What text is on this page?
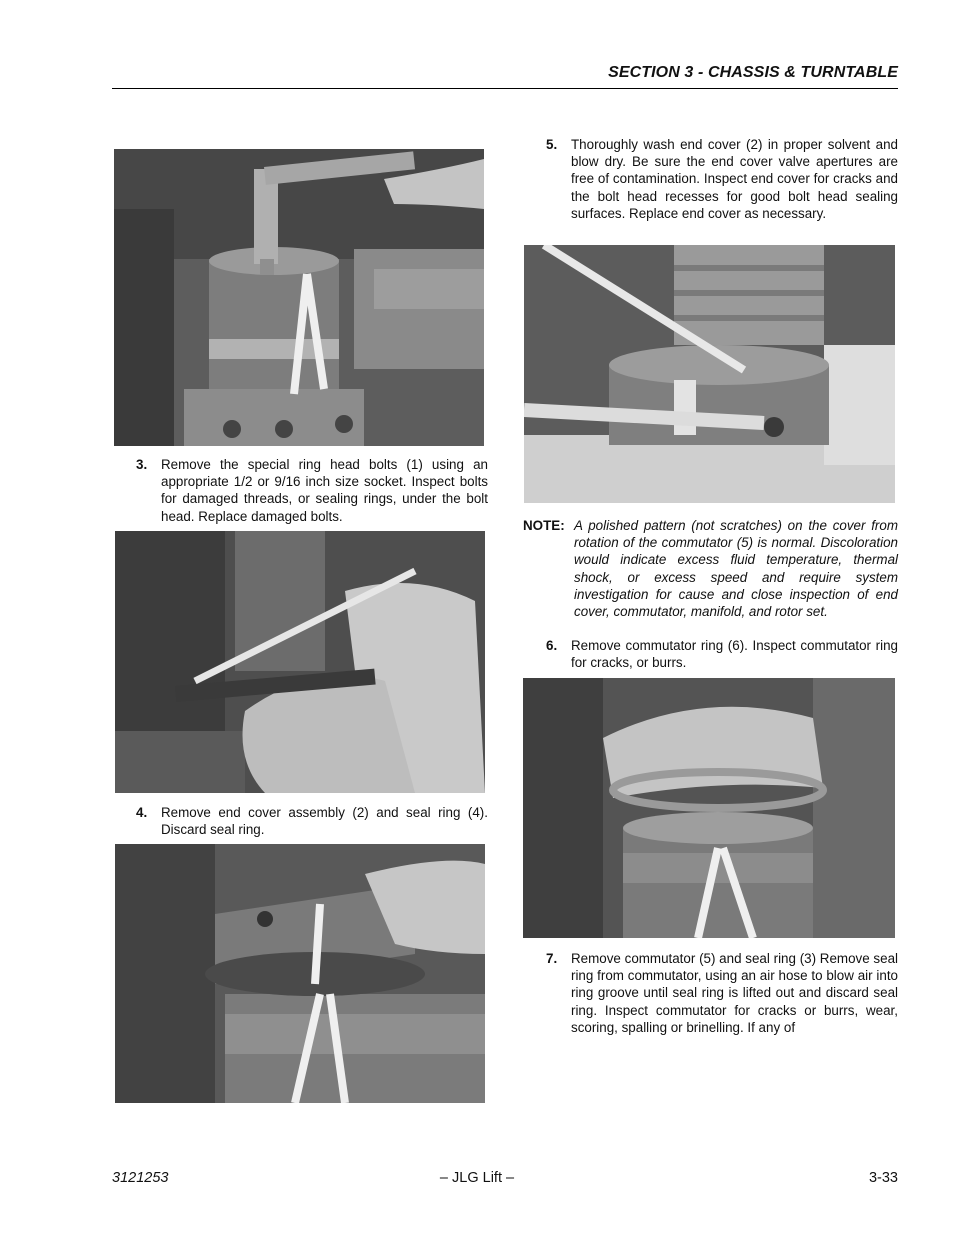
SECTION 3 - CHASSIS & TURNTABLE
3. Remove the special ring head bolts (1) using an appropriate 1/2 or 9/16 inch size socket. Inspect bolts for damaged threads, or sealing rings, under the bolt head. Replace damaged bolts.
4. Remove end cover assembly (2) and seal ring (4). Discard seal ring.
5. Thoroughly wash end cover (2) in proper solvent and blow dry. Be sure the end cover valve apertures are free of contamination. Inspect end cover for cracks and the bolt head recesses for good bolt head sealing surfaces. Replace end cover as necessary.
NOTE: A polished pattern (not scratches) on the cover from rotation of the commutator (5) is normal. Discoloration would indicate excess fluid temperature, thermal shock, or excess speed and require system investigation for cause and close inspection of end cover, commutator, manifold, and rotor set.
6. Remove commutator ring (6). Inspect commutator ring for cracks, or burrs.
7. Remove commutator (5) and seal ring (3) Remove seal ring from commutator, using an air hose to blow air into ring groove until seal ring is lifted out and discard seal ring. Inspect commutator for cracks or burrs, wear, scoring, spalling or brinelling. If any of
3121253	– JLG Lift –	3-33
